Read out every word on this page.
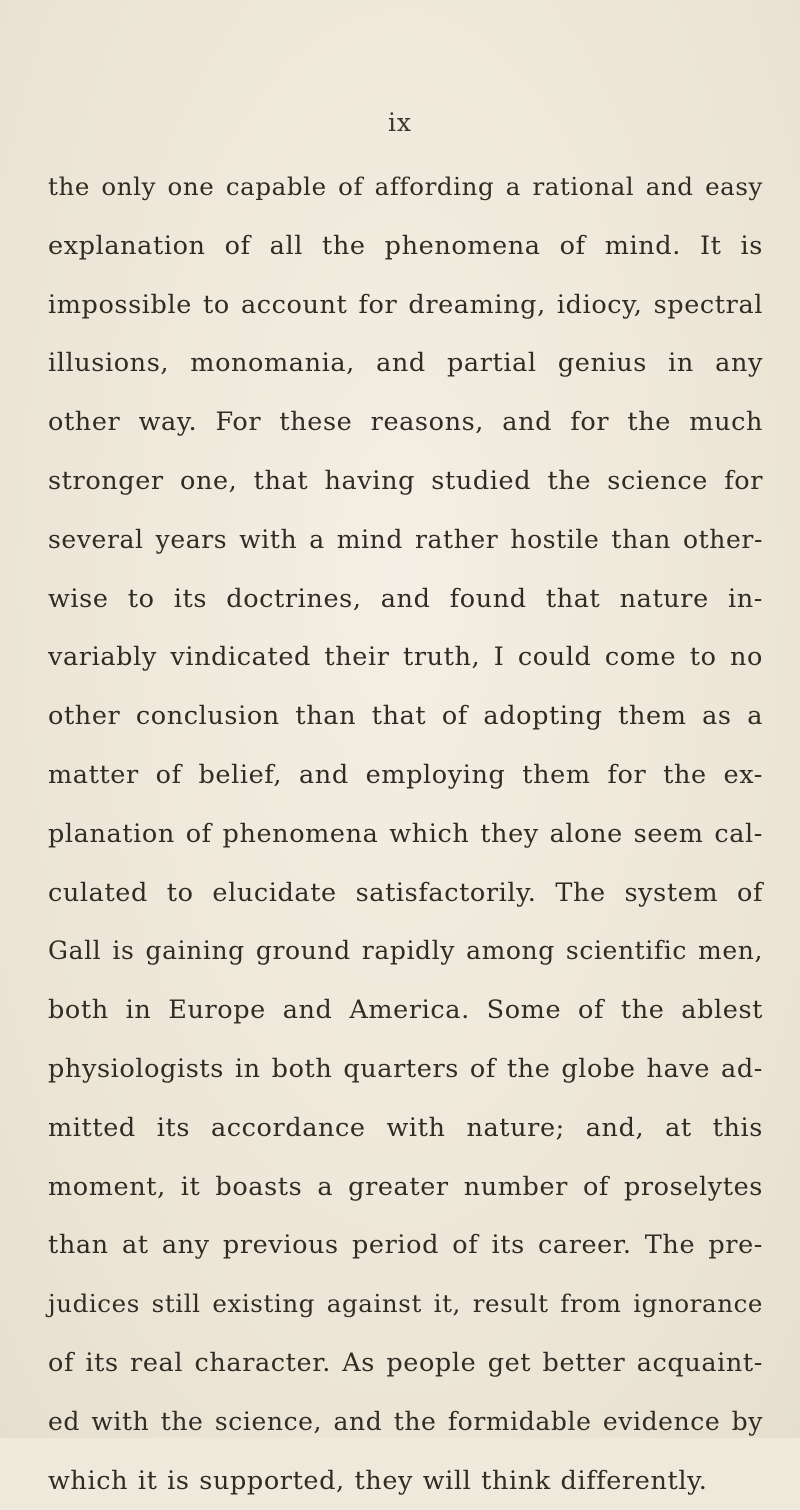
ix
the only one capable of affording a rational and easy
explanation of all the phenomena of mind. It is
impossible to account for dreaming, idiocy, spectral
illusions, monomania, and partial genius in any
other way. For these reasons, and for the much
stronger one, that having studied the science for
several years with a mind rather hostile than other-
wise to its doctrines, and found that nature in-
variably vindicated their truth, I could come to no
other conclusion than that of adopting them as a
matter of belief, and employing them for the ex-
planation of phenomena which they alone seem cal-
culated to elucidate satisfactorily. The system of
Gall is gaining ground rapidly among scientific men,
both in Europe and America. Some of the ablest
physiologists in both quarters of the globe have ad-
mitted its accordance with nature; and, at this
moment, it boasts a greater number of proselytes
than at any previous period of its career. The pre-
judices still existing against it, result from ignorance
of its real character. As people get better acquaint-
ed with the science, and the formidable evidence by
which it is supported, they will think differently.
